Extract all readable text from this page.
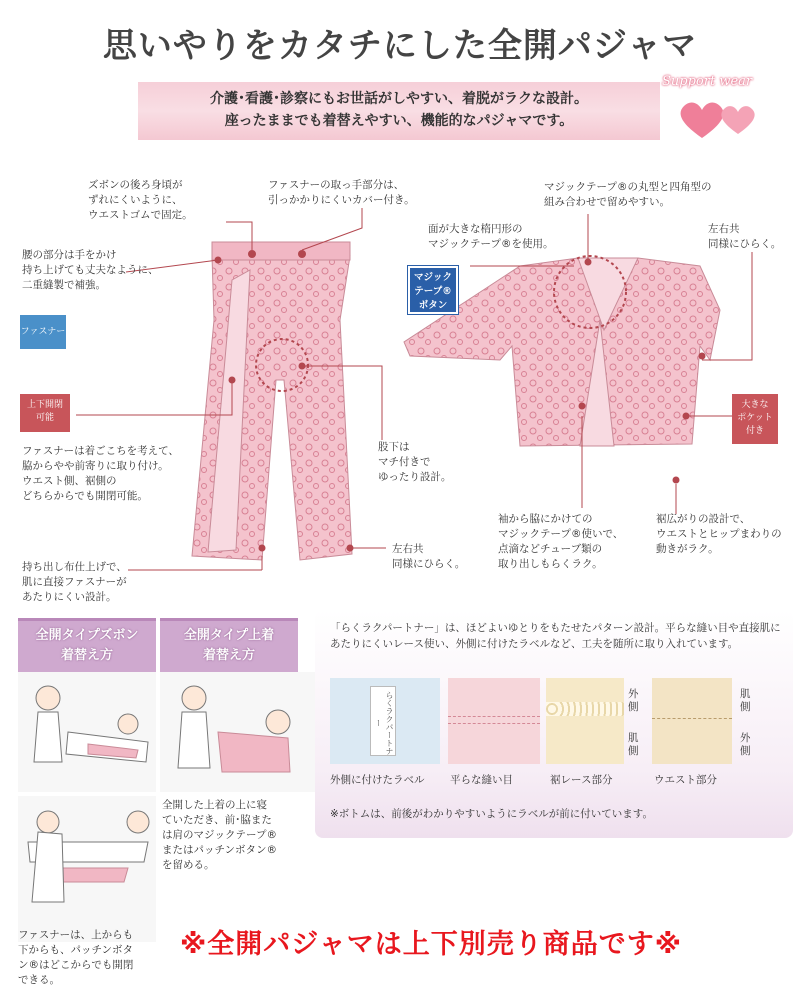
思いやりをカタチにした全開パジャマ

介護･看護･診察にもお世話がしやすい、着脱がラクな設計。

座ったままでも着替えやすい、機能的なパジャマです。

Support wear
ズボンの後ろ身頃が
ずれにくいように、
ウエストゴムで固定。
ファスナーの取っ手部分は、
引っかかりにくいカバー付き。
腰の部分は手をかけ
持ち上げても丈夫なように、
二重縫製で補強。
ファスナー
上下開閉
可能
ファスナーは着ごこちを考えて、
脇からやや前寄りに取り付け。
ウエスト側、裾側の
どちらからでも開閉可能。
股下は
マチ付きで
ゆったり設計。
持ち出し布仕上げで、
肌に直接ファスナーが
あたりにくい設計。
左右共
同様にひらく。
マジックテープ®の丸型と四角型の
組み合わせで留めやすい。
面が大きな楕円形の
マジックテープ®を使用。
左右共
同様にひらく。
マジック
テープ®
ボタン
大きな
ポケット
付き
袖から脇にかけての
マジックテープ®使いで、
点滴などチューブ類の
取り出しもらくラク。
裾広がりの設計で、
ウエストとヒップまわりの
動きがラク。
全開タイプズボン
着替え方
全開タイプ上着
着替え方
全開した上着の上に寝
ていただき、前･脇また
は肩のマジックテープ®
またはパッチンボタン®
を留める。
ファスナーは、上からも
下からも、パッチンボタ
ン®はどこからでも開閉
できる。
「らくラクパートナー」は、ほどよいゆとりをもたせたパターン設計。平らな縫い目や直接肌にあたりにくいレース使い、外側に付けたラベルなど、工夫を随所に取り入れています。
らくラクパートナー
外
側
肌
側
肌
側
外
側
外側に付けたラベル 平らな縫い目	裾レース部分	ウエスト部分
※ボトムは、前後がわかりやすいようにラベルが前に付いています。
※全開パジャマは上下別売り商品です※
